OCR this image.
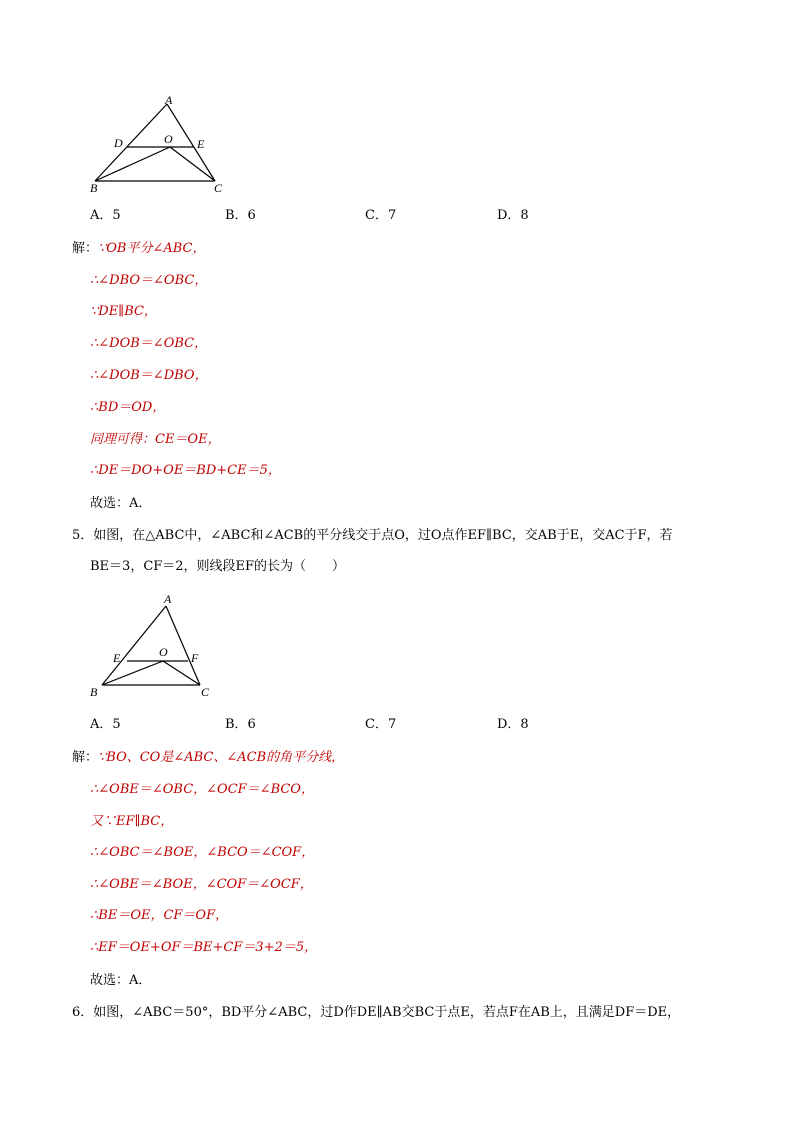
A
D	O E
B	C
A．5	B．6	C．7	D．8
解： ∵OB平分∠ABC，
∴∠DBO＝∠OBC，
∵DE∥BC，
∴∠DOB＝∠OBC，
∴∠DOB＝∠DBO，
∴BD＝OD，
同理可得：CE＝OE，
∴DE＝DO+OE＝BD+CE＝5，
故选：A．
5．如图，在△ABC中，∠ABC和∠ACB的平分线交于点O，过O点作EF∥BC，交AB于E，交AC于F，若
BE＝3，CF＝2，则线段EF的长为（　　）
A
E	O F
B	C
A．5	B．6	C．7	D．8
解： ∵BO、CO是∠ABC、∠ACB的角平分线，
∴∠OBE＝∠OBC，∠OCF＝∠BCO，
又∵EF∥BC，
∴∠OBC＝∠BOE，∠BCO＝∠COF，
∴∠OBE＝∠BOE，∠COF＝∠OCF，
∴BE＝OE，CF＝OF，
∴EF＝OE+OF＝BE+CF＝3+2＝5，
故选：A．
6．如图，∠ABC＝50°，BD平分∠ABC，过D作DE∥AB交BC于点E，若点F在AB上，且满足DF＝DE，
